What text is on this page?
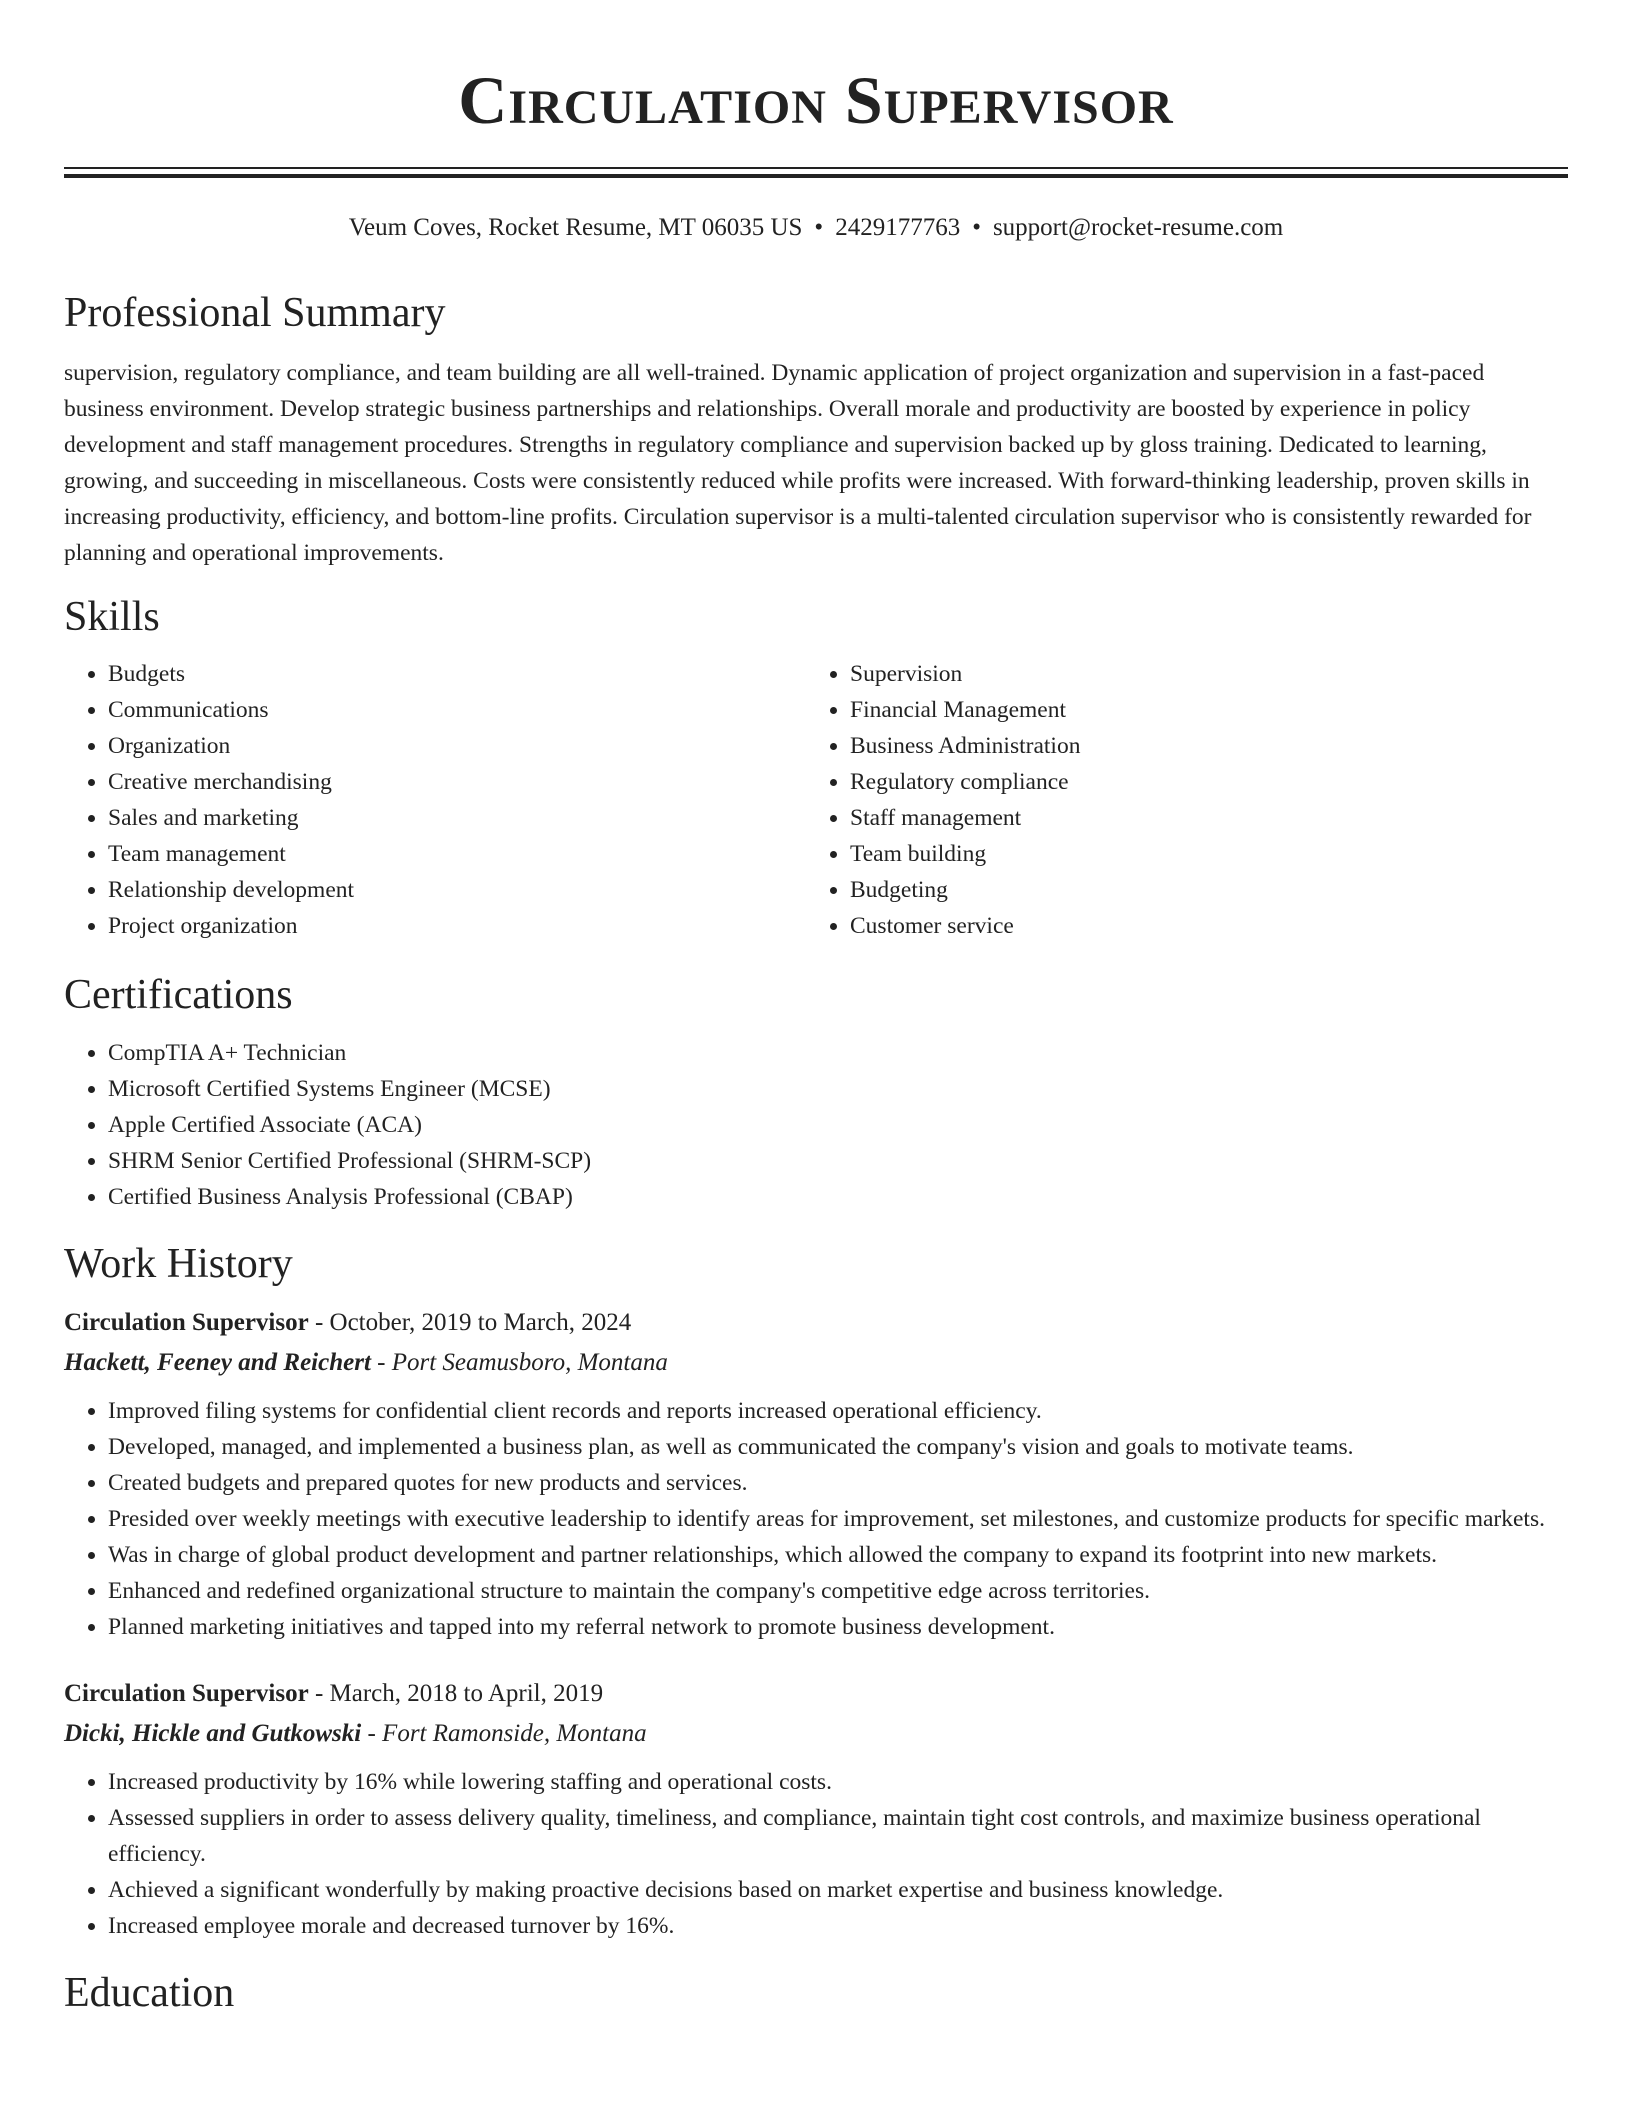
Circulation Supervisor
Veum Coves, Rocket Resume, MT 06035 US • 2429177763 • support@rocket-resume.com
Professional Summary

supervision, regulatory compliance, and team building are all well-trained. Dynamic application of project organization and supervision in a fast-paced business environment. Develop strategic business partnerships and relationships. Overall morale and productivity are boosted by experience in policy development and staff management procedures. Strengths in regulatory compliance and supervision backed up by gloss training. Dedicated to learning, growing, and succeeding in miscellaneous. Costs were consistently reduced while profits were increased. With forward-thinking leadership, proven skills in increasing productivity, efficiency, and bottom-line profits. Circulation supervisor is a multi-talented circulation supervisor who is consistently rewarded for planning and operational improvements.

Skills
• Budgets
• Communications
• Organization
• Creative merchandising
• Sales and marketing
• Team management
• Relationship development
• Project organization
• Supervision
• Financial Management
• Business Administration
• Regulatory compliance
• Staff management
• Team building
• Budgeting
• Customer service
Certifications
• CompTIA A+ Technician
• Microsoft Certified Systems Engineer (MCSE)
• Apple Certified Associate (ACA)
• SHRM Senior Certified Professional (SHRM-SCP)
• Certified Business Analysis Professional (CBAP)
Work History
Circulation Supervisor - October, 2019 to March, 2024
Hackett, Feeney and Reichert - Port Seamusboro, Montana
• Improved filing systems for confidential client records and reports increased operational efficiency.
• Developed, managed, and implemented a business plan, as well as communicated the company's vision and goals to motivate teams.
• Created budgets and prepared quotes for new products and services.
• Presided over weekly meetings with executive leadership to identify areas for improvement, set milestones, and customize products for specific markets.
• Was in charge of global product development and partner relationships, which allowed the company to expand its footprint into new markets.
• Enhanced and redefined organizational structure to maintain the company's competitive edge across territories.
• Planned marketing initiatives and tapped into my referral network to promote business development.
Circulation Supervisor - March, 2018 to April, 2019
Dicki, Hickle and Gutkowski - Fort Ramonside, Montana
• Increased productivity by 16% while lowering staffing and operational costs.
• Assessed suppliers in order to assess delivery quality, timeliness, and compliance, maintain tight cost controls, and maximize business operational efficiency.
• Achieved a significant wonderfully by making proactive decisions based on market expertise and business knowledge.
• Increased employee morale and decreased turnover by 16%.
Education
